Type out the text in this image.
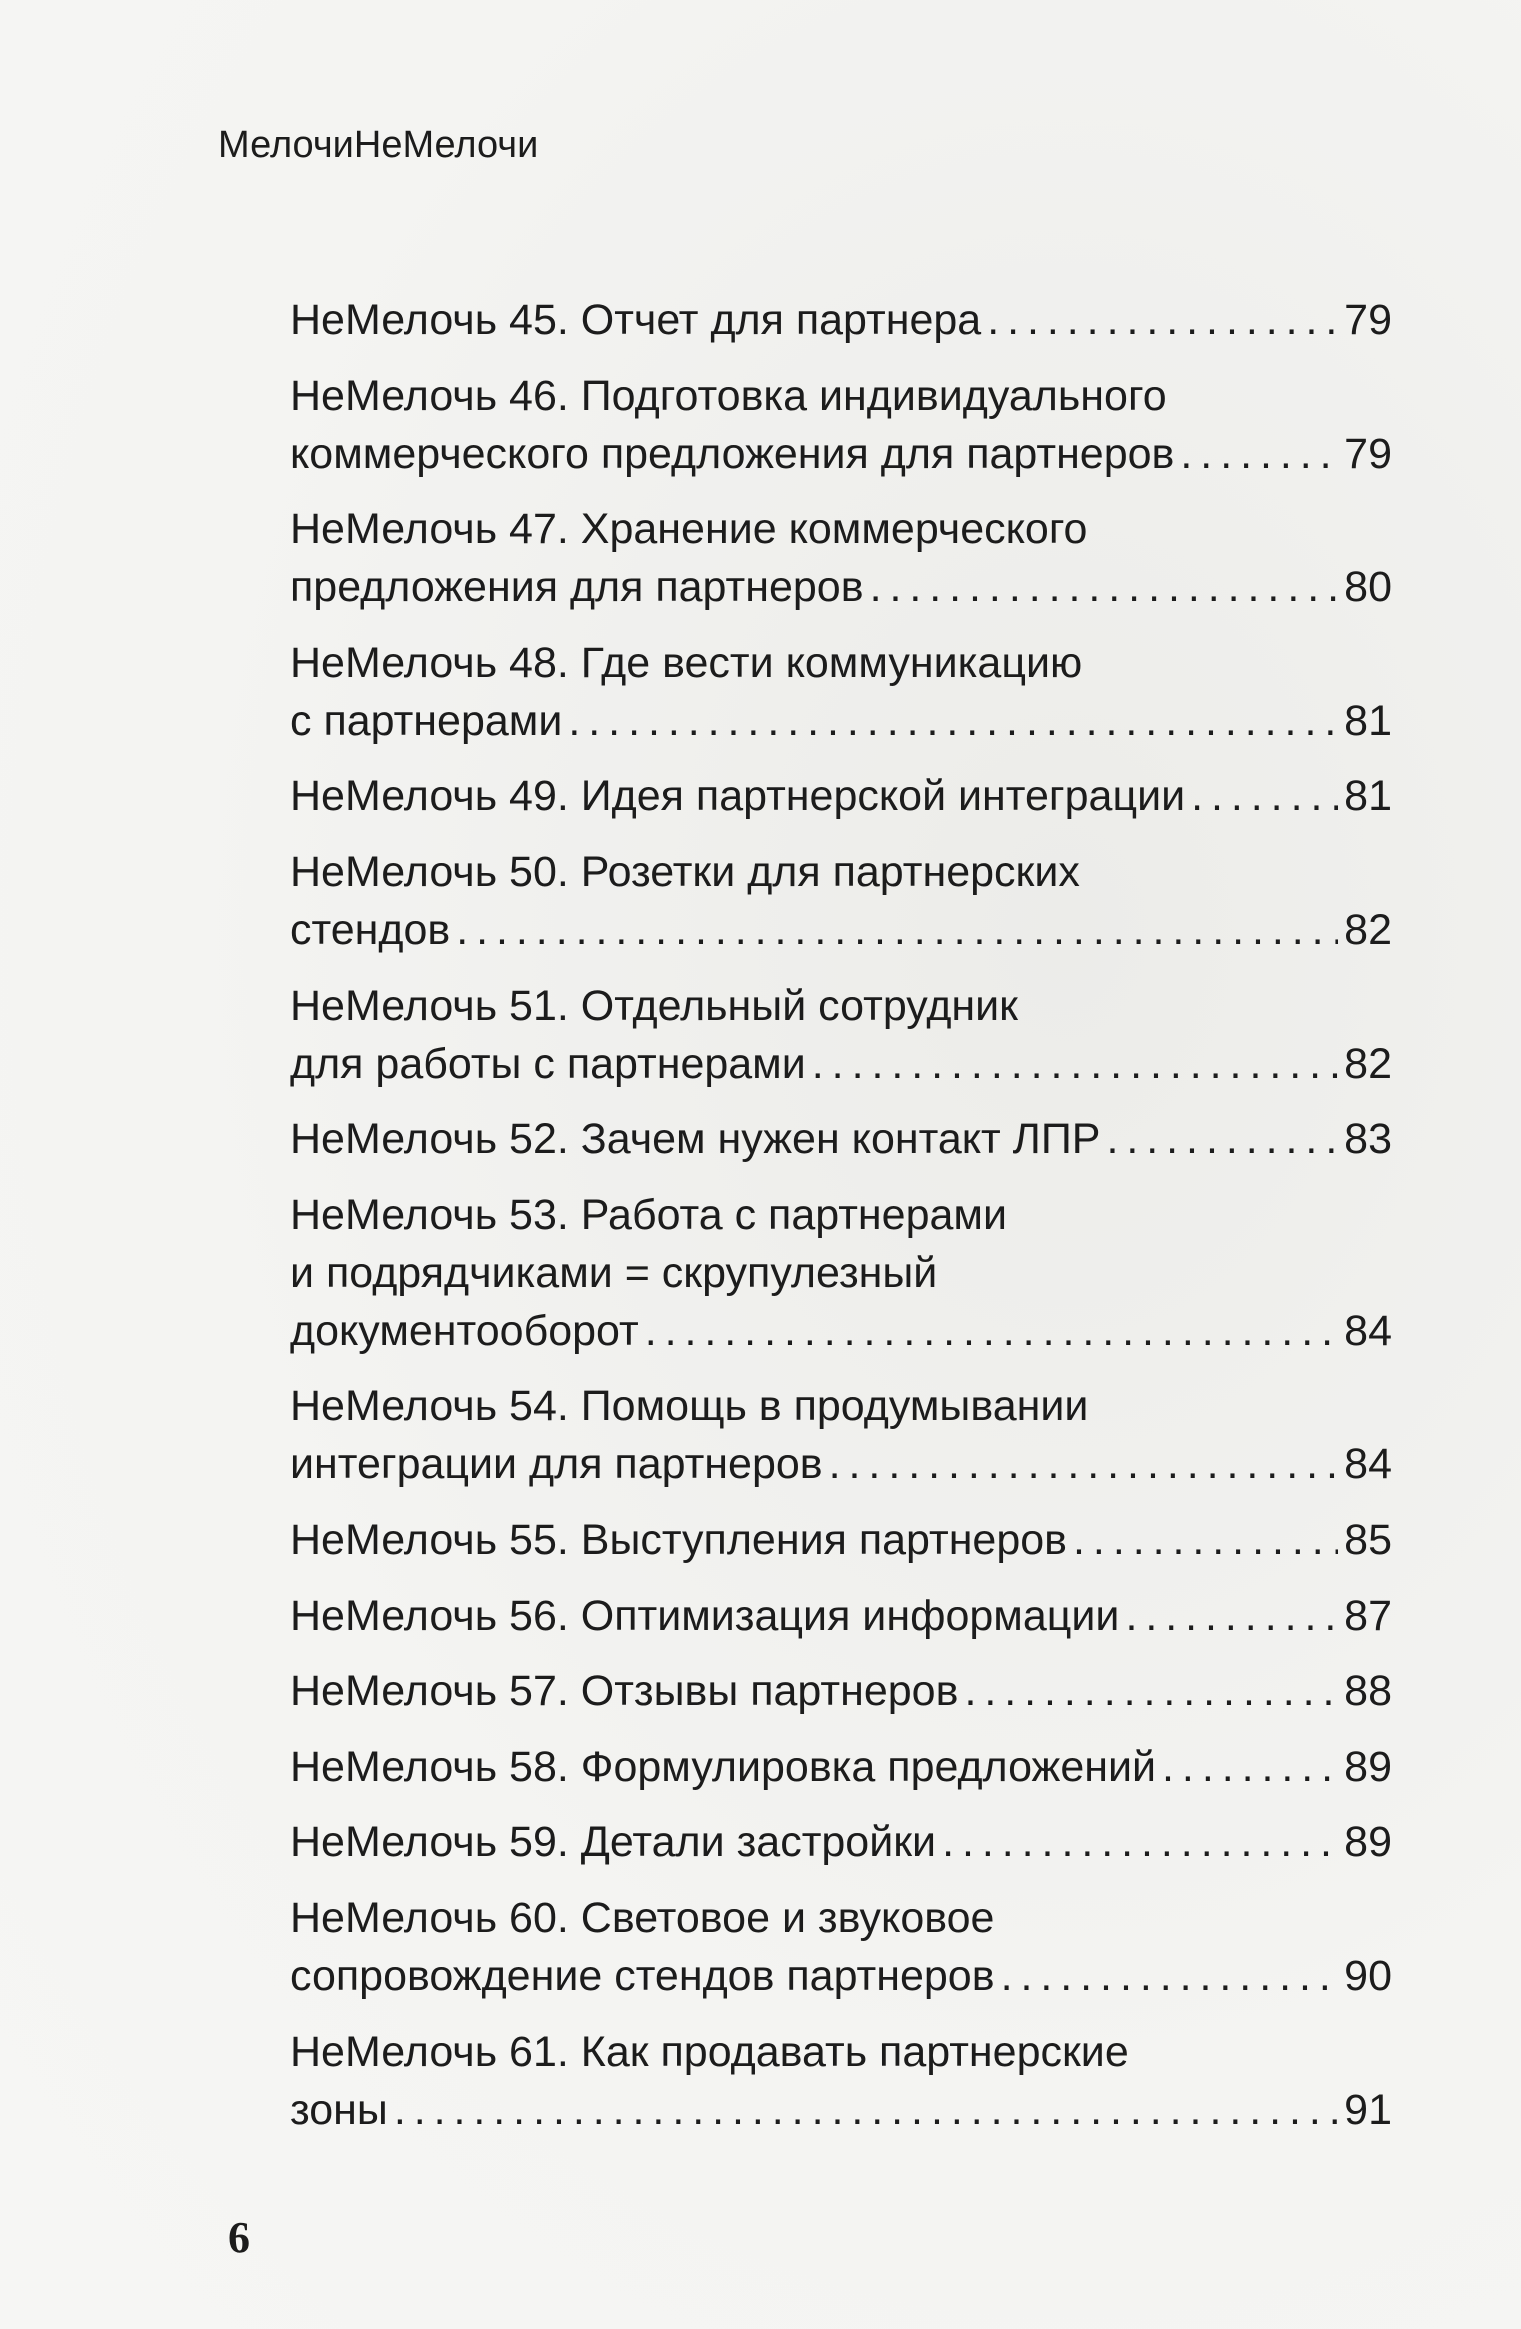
МелочиНеМелочи
НеМелочь 45. Отчет для партнера . . .	79
НеМелочь 46. Подготовка индивидуального
коммерческого предложения для партнеров . . .	79
НеМелочь 47. Хранение коммерческого
предложения для партнеров . . .	80
НеМелочь 48. Где вести коммуникацию
с партнерами . . .	81
НеМелочь 49. Идея партнерской интеграции . . .	81
НеМелочь 50. Розетки для партнерских
стендов . . .	82
НеМелочь 51. Отдельный сотрудник
для работы с партнерами . . .	82
НеМелочь 52. Зачем нужен контакт ЛПР . . .	83
НеМелочь 53. Работа с партнерами
и подрядчиками = скрупулезный
документооборот . . .	84
НеМелочь 54. Помощь в продумывании
интеграции для партнеров . . .	84
НеМелочь 55. Выступления партнеров . . .	85
НеМелочь 56. Оптимизация информации . . .	87
НеМелочь 57. Отзывы партнеров . . .	88
НеМелочь 58. Формулировка предложений . . .	89
НеМелочь 59. Детали застройки . . .	89
НеМелочь 60. Световое и звуковое
сопровождение стендов партнеров . . .	90
НеМелочь 61. Как продавать партнерские
зоны . . .	91
6
